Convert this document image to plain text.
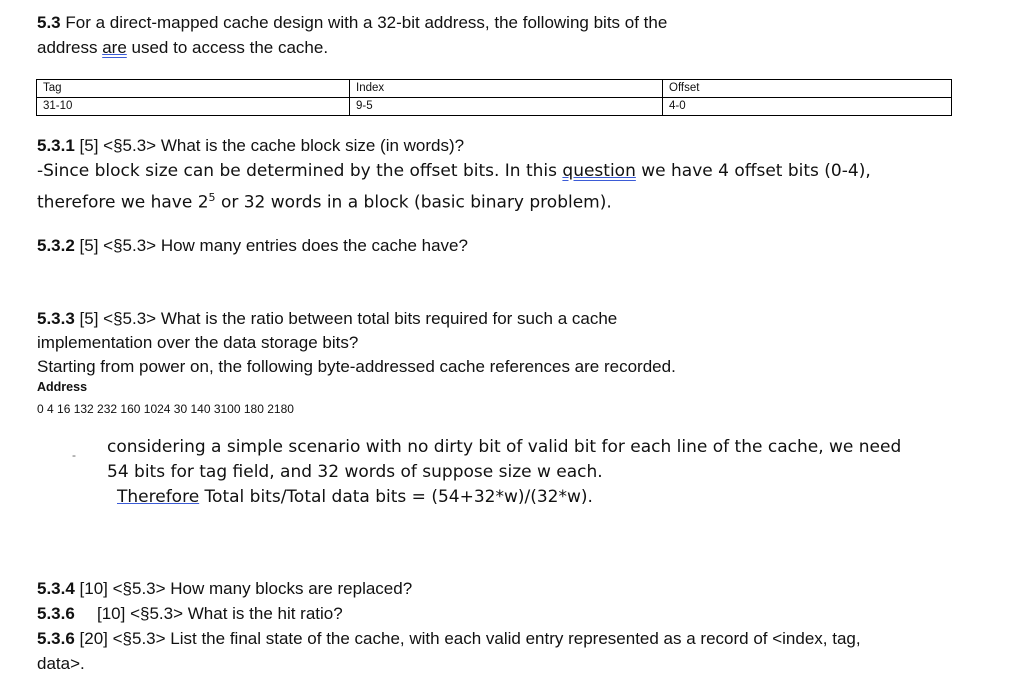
5.3 For a direct-mapped cache design with a 32-bit address, the following bits of the
address are used to access the cache.
Tag	Index	Offset
31-10	9-5	4-0
5.3.1 [5] <§5.3> What is the cache block size (in words)?
-Since block size can be determined by the offset bits. In this question we have 4 offset bits (0-4),
therefore we have $2^5$ or 32 words in a block (basic binary problem).
5.3.2 [5] <§5.3> How many entries does the cache have?
5.3.3 [5] <§5.3> What is the ratio between total bits required for such a cache
implementation over the data storage bits?
Starting from power on, the following byte-addressed cache references are recorded.
Address
0 4 16 132 232 160 1024 30 140 3100 180 2180
- considering a simple scenario with no dirty bit of valid bit for each line of the cache, we need
54 bits for tag field, and 32 words of suppose size w each.
Therefore Total bits/Total data bits = (54+32*w)/(32*w).
5.3.4 [10] <§5.3> How many blocks are replaced?
5.3.6 [10] <§5.3> What is the hit ratio?
5.3.6 [20] <§5.3> List the final state of the cache, with each valid entry represented as a record of <index, tag,
data>.
